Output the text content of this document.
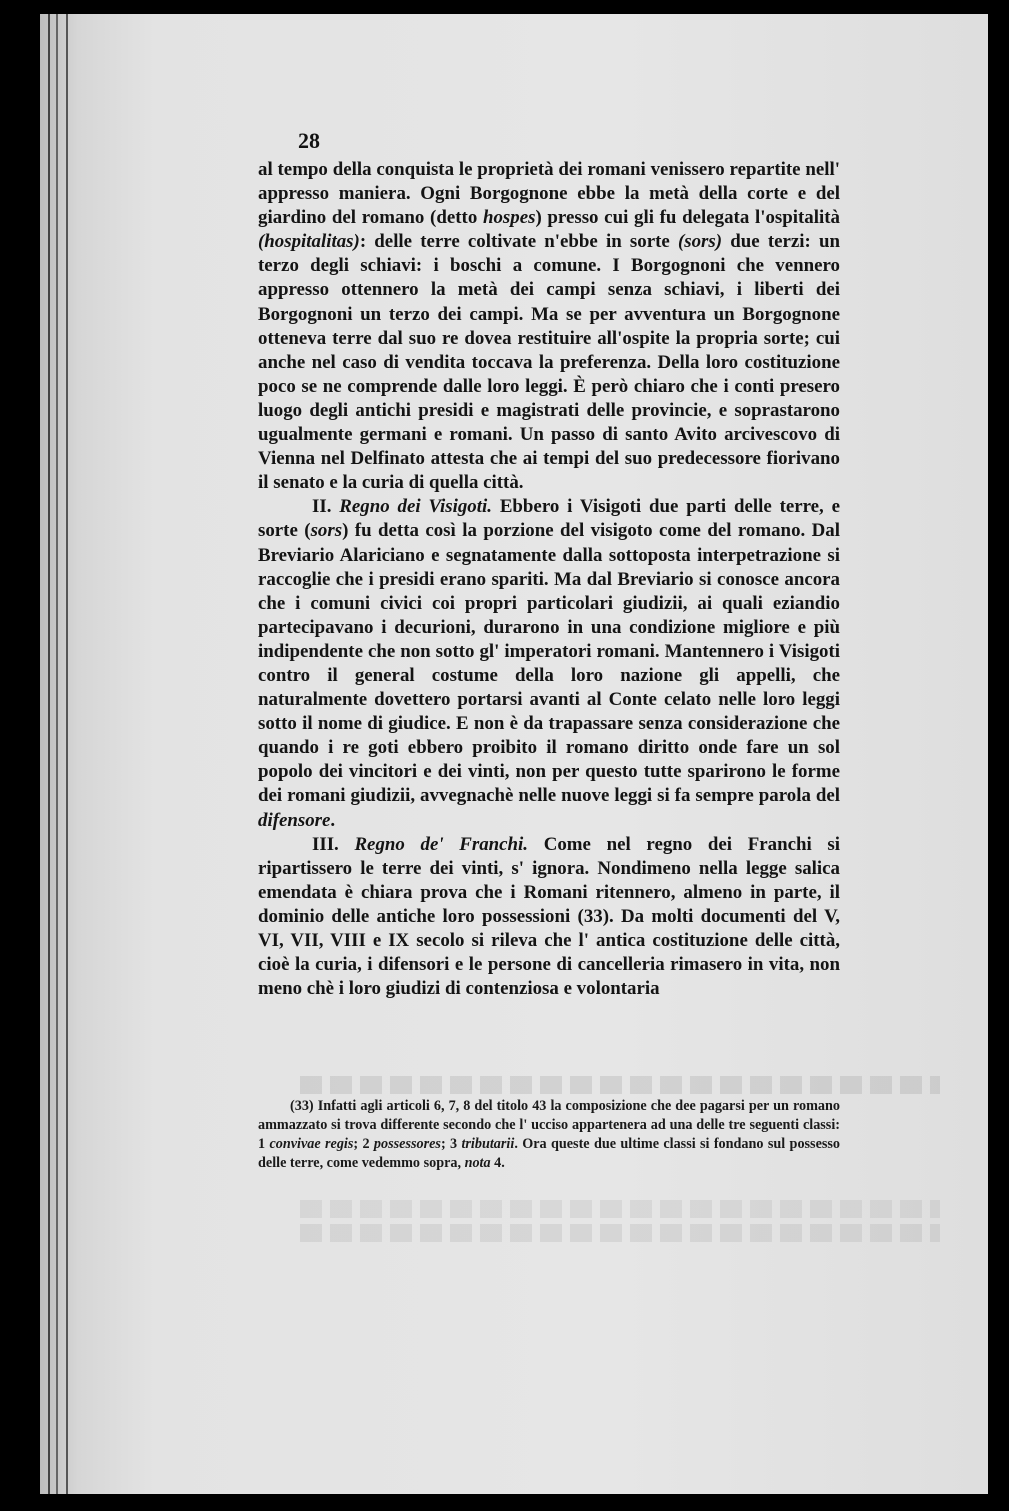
28

al tempo della conquista le proprietà dei romani venissero repartite nell' appresso maniera. Ogni Borgognone ebbe la metà della corte e del giardino del romano (detto hospes) presso cui gli fu delegata l'ospitalità (hospitalitas): delle terre coltivate n'ebbe in sorte (sors) due terzi: un terzo degli schiavi: i boschi a comune. I Borgognoni che vennero appresso ottennero la metà dei campi senza schiavi, i liberti dei Borgognoni un terzo dei campi. Ma se per avventura un Borgognone otteneva terre dal suo re dovea restituire all'ospite la propria sorte; cui anche nel caso di vendita toccava la preferenza. Della loro costituzione poco se ne comprende dalle loro leggi. È però chiaro che i conti presero luogo degli antichi presidi e magistrati delle provincie, e soprastarono ugualmente germani e romani. Un passo di santo Avito arcivescovo di Vienna nel Delfinato attesta che ai tempi del suo predecessore fiorivano il senato e la curia di quella città.

II. Regno dei Visigoti. Ebbero i Visigoti due parti delle terre, e sorte (sors) fu detta così la porzione del visigoto come del romano. Dal Breviario Alariciano e segnatamente dalla sottoposta interpetrazione si raccoglie che i presidi erano spariti. Ma dal Breviario si conosce ancora che i comuni civici coi propri particolari giudizii, ai quali eziandio partecipavano i decurioni, durarono in una condizione migliore e più indipendente che non sotto gl' imperatori romani. Mantennero i Visigoti contro il general costume della loro nazione gli appelli, che naturalmente dovettero portarsi avanti al Conte celato nelle loro leggi sotto il nome di giudice. E non è da trapassare senza considerazione che quando i re goti ebbero proibito il romano diritto onde fare un sol popolo dei vincitori e dei vinti, non per questo tutte sparirono le forme dei romani giudizii, avvegnachè nelle nuove leggi si fa sempre parola del difensore.

III. Regno de' Franchi. Come nel regno dei Franchi si ripartissero le terre dei vinti, s' ignora. Nondimeno nella legge salica emendata è chiara prova che i Romani ritennero, almeno in parte, il dominio delle antiche loro possessioni (33). Da molti documenti del V, VI, VII, VIII e IX secolo si rileva che l' antica costituzione delle città, cioè la curia, i difensori e le persone di cancelleria rimasero in vita, non meno chè i loro giudizi di contenziosa e volontaria

(33) Infatti agli articoli 6, 7, 8 del titolo 43 la composizione che dee pagarsi per un romano ammazzato si trova differente secondo che l' ucciso appartenera ad una delle tre seguenti classi: 1 convivae regis; 2 possessores; 3 tributarii. Ora queste due ultime classi si fondano sul possesso delle terre, come vedemmo sopra, nota 4.
